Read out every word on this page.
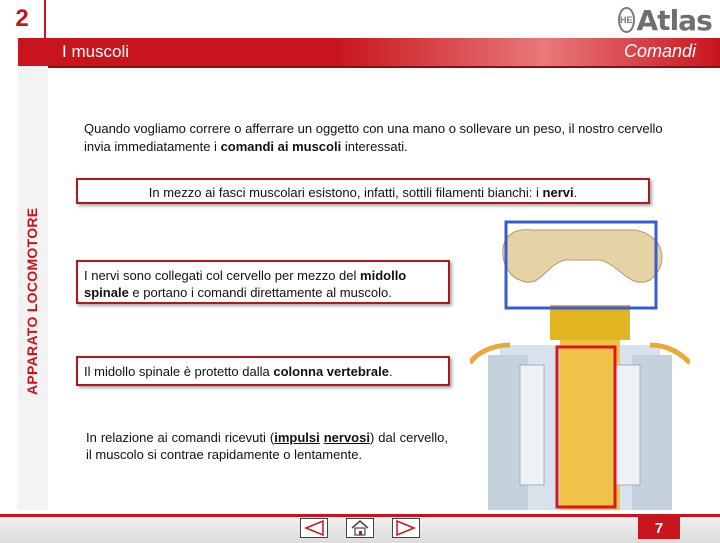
2	HE Atlas
I muscoli	Comandi
APPARATO LOCOMOTORE
Quando vogliamo correre o afferrare un oggetto con una mano o sollevare un peso, il nostro cervello invia immediatamente i comandi ai muscoli interessati.
In mezzo ai fasci muscolari esistono, infatti, sottili filamenti bianchi: i nervi.
I nervi sono collegati col cervello per mezzo del midollo spinale e portano i comandi direttamente al muscolo.
Il midollo spinale è protetto dalla colonna vertebrale.
In relazione ai comandi ricevuti (impulsi nervosi) dal cervello, il muscolo si contrae rapidamente o lentamente.
7
